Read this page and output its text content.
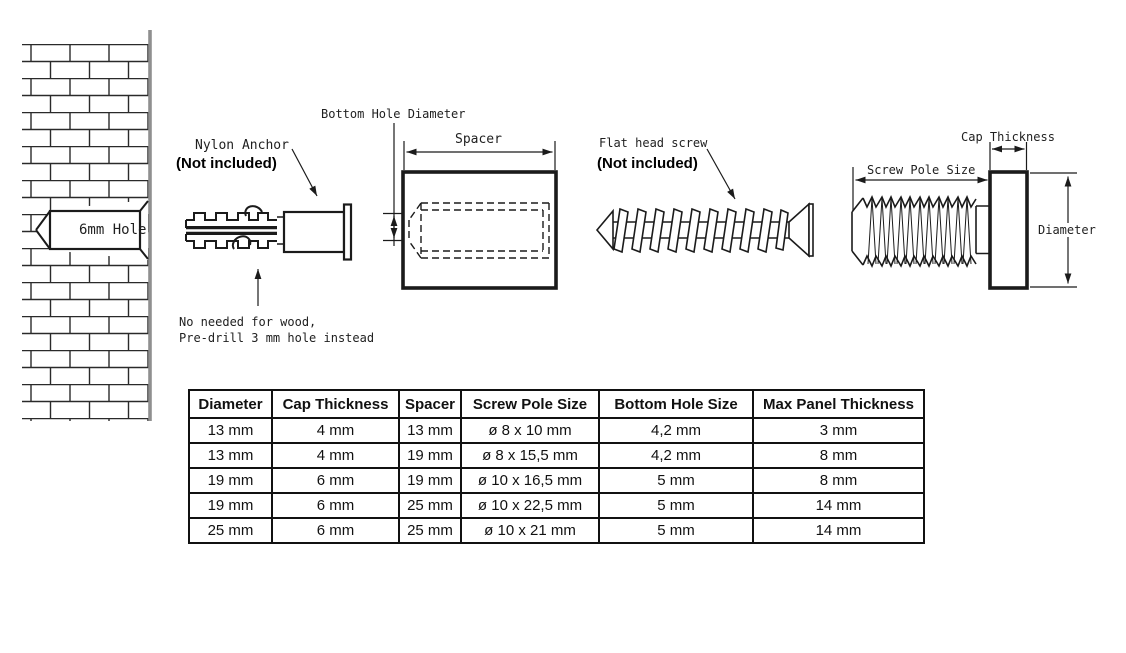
6mm Hole
Nylon Anchor
(Not included)
No needed for wood,
Pre-drill 3 mm hole instead
Bottom Hole Diameter
Spacer	Flat head screw
(Not included)
Cap Thickness
Screw Pole Size
Diameter
Diameter	Cap Thickness	Spacer	Screw Pole Size	Bottom Hole Size	Max Panel Thickness
13 mm	4 mm	13 mm	ø 8 x 10 mm	4,2 mm	3 mm
13 mm	4 mm	19 mm	ø 8 x 15,5 mm	4,2 mm	8 mm
19 mm	6 mm	19 mm	ø 10 x 16,5 mm	5 mm	8 mm
19 mm	6 mm	25 mm	ø 10 x 22,5 mm	5 mm	14 mm
25 mm	6 mm	25 mm	ø 10 x 21 mm	5 mm	14 mm
